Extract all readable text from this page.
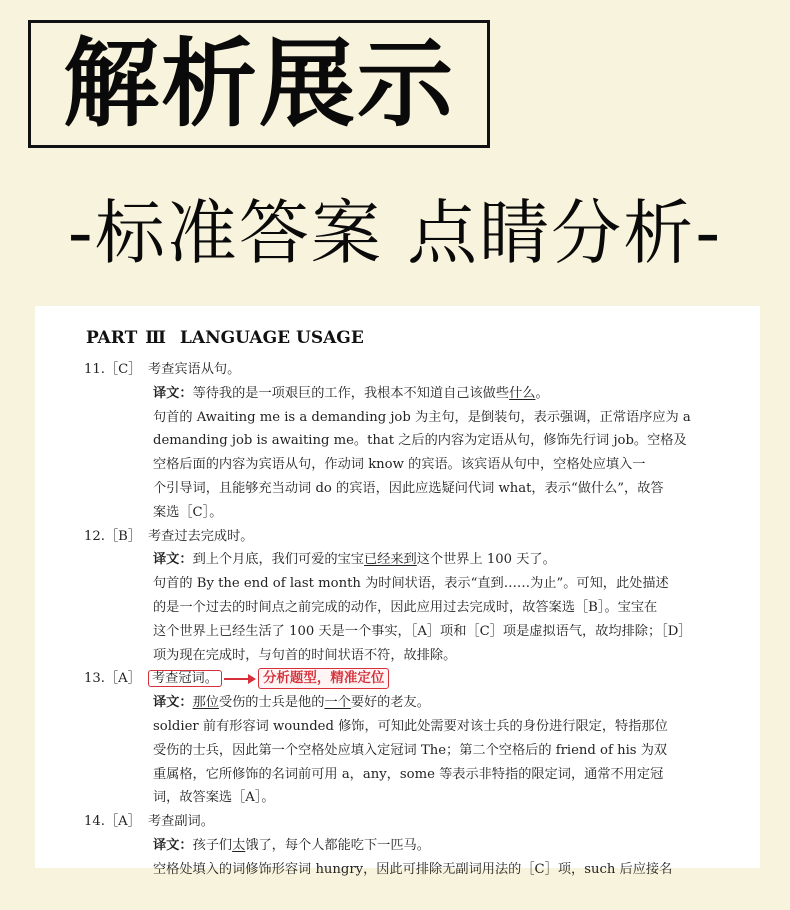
解析展示
-标准答案 点睛分析-
PART Ⅲ LANGUAGE USAGE
11.［C］ 考查宾语从句。
译文：等待我的是一项艰巨的工作，我根本不知道自己该做些什么。
句首的 Awaiting me is a demanding job 为主句，是倒装句，表示强调，正常语序应为 a
demanding job is awaiting me。that 之后的内容为定语从句，修饰先行词 job。空格及
空格后面的内容为宾语从句，作动词 know 的宾语。该宾语从句中，空格处应填入一
个引导词，且能够充当动词 do 的宾语，因此应选疑问代词 what，表示“做什么”，故答
案选［C］。
12.［B］ 考查过去完成时。
译文：到上个月底，我们可爱的宝宝已经来到这个世界上 100 天了。
句首的 By the end of last month 为时间状语，表示“直到……为止”。可知，此处描述
的是一个过去的时间点之前完成的动作，因此应用过去完成时，故答案选［B］。宝宝在
这个世界上已经生活了 100 天是一个事实，［A］项和［C］项是虚拟语气，故均排除；［D］
项为现在完成时，与句首的时间状语不符，故排除。
13.［A］ 考查冠词。	分析题型，精准定位
译文：那位受伤的士兵是他的一个要好的老友。
soldier 前有形容词 wounded 修饰，可知此处需要对该士兵的身份进行限定，特指那位
受伤的士兵，因此第一个空格处应填入定冠词 The；第二个空格后的 friend of his 为双
重属格，它所修饰的名词前可用 a，any，some 等表示非特指的限定词，通常不用定冠
词，故答案选［A］。
14.［A］ 考查副词。
译文：孩子们太饿了，每个人都能吃下一匹马。
空格处填入的词修饰形容词 hungry，因此可排除无副词用法的［C］项，such 后应接名
